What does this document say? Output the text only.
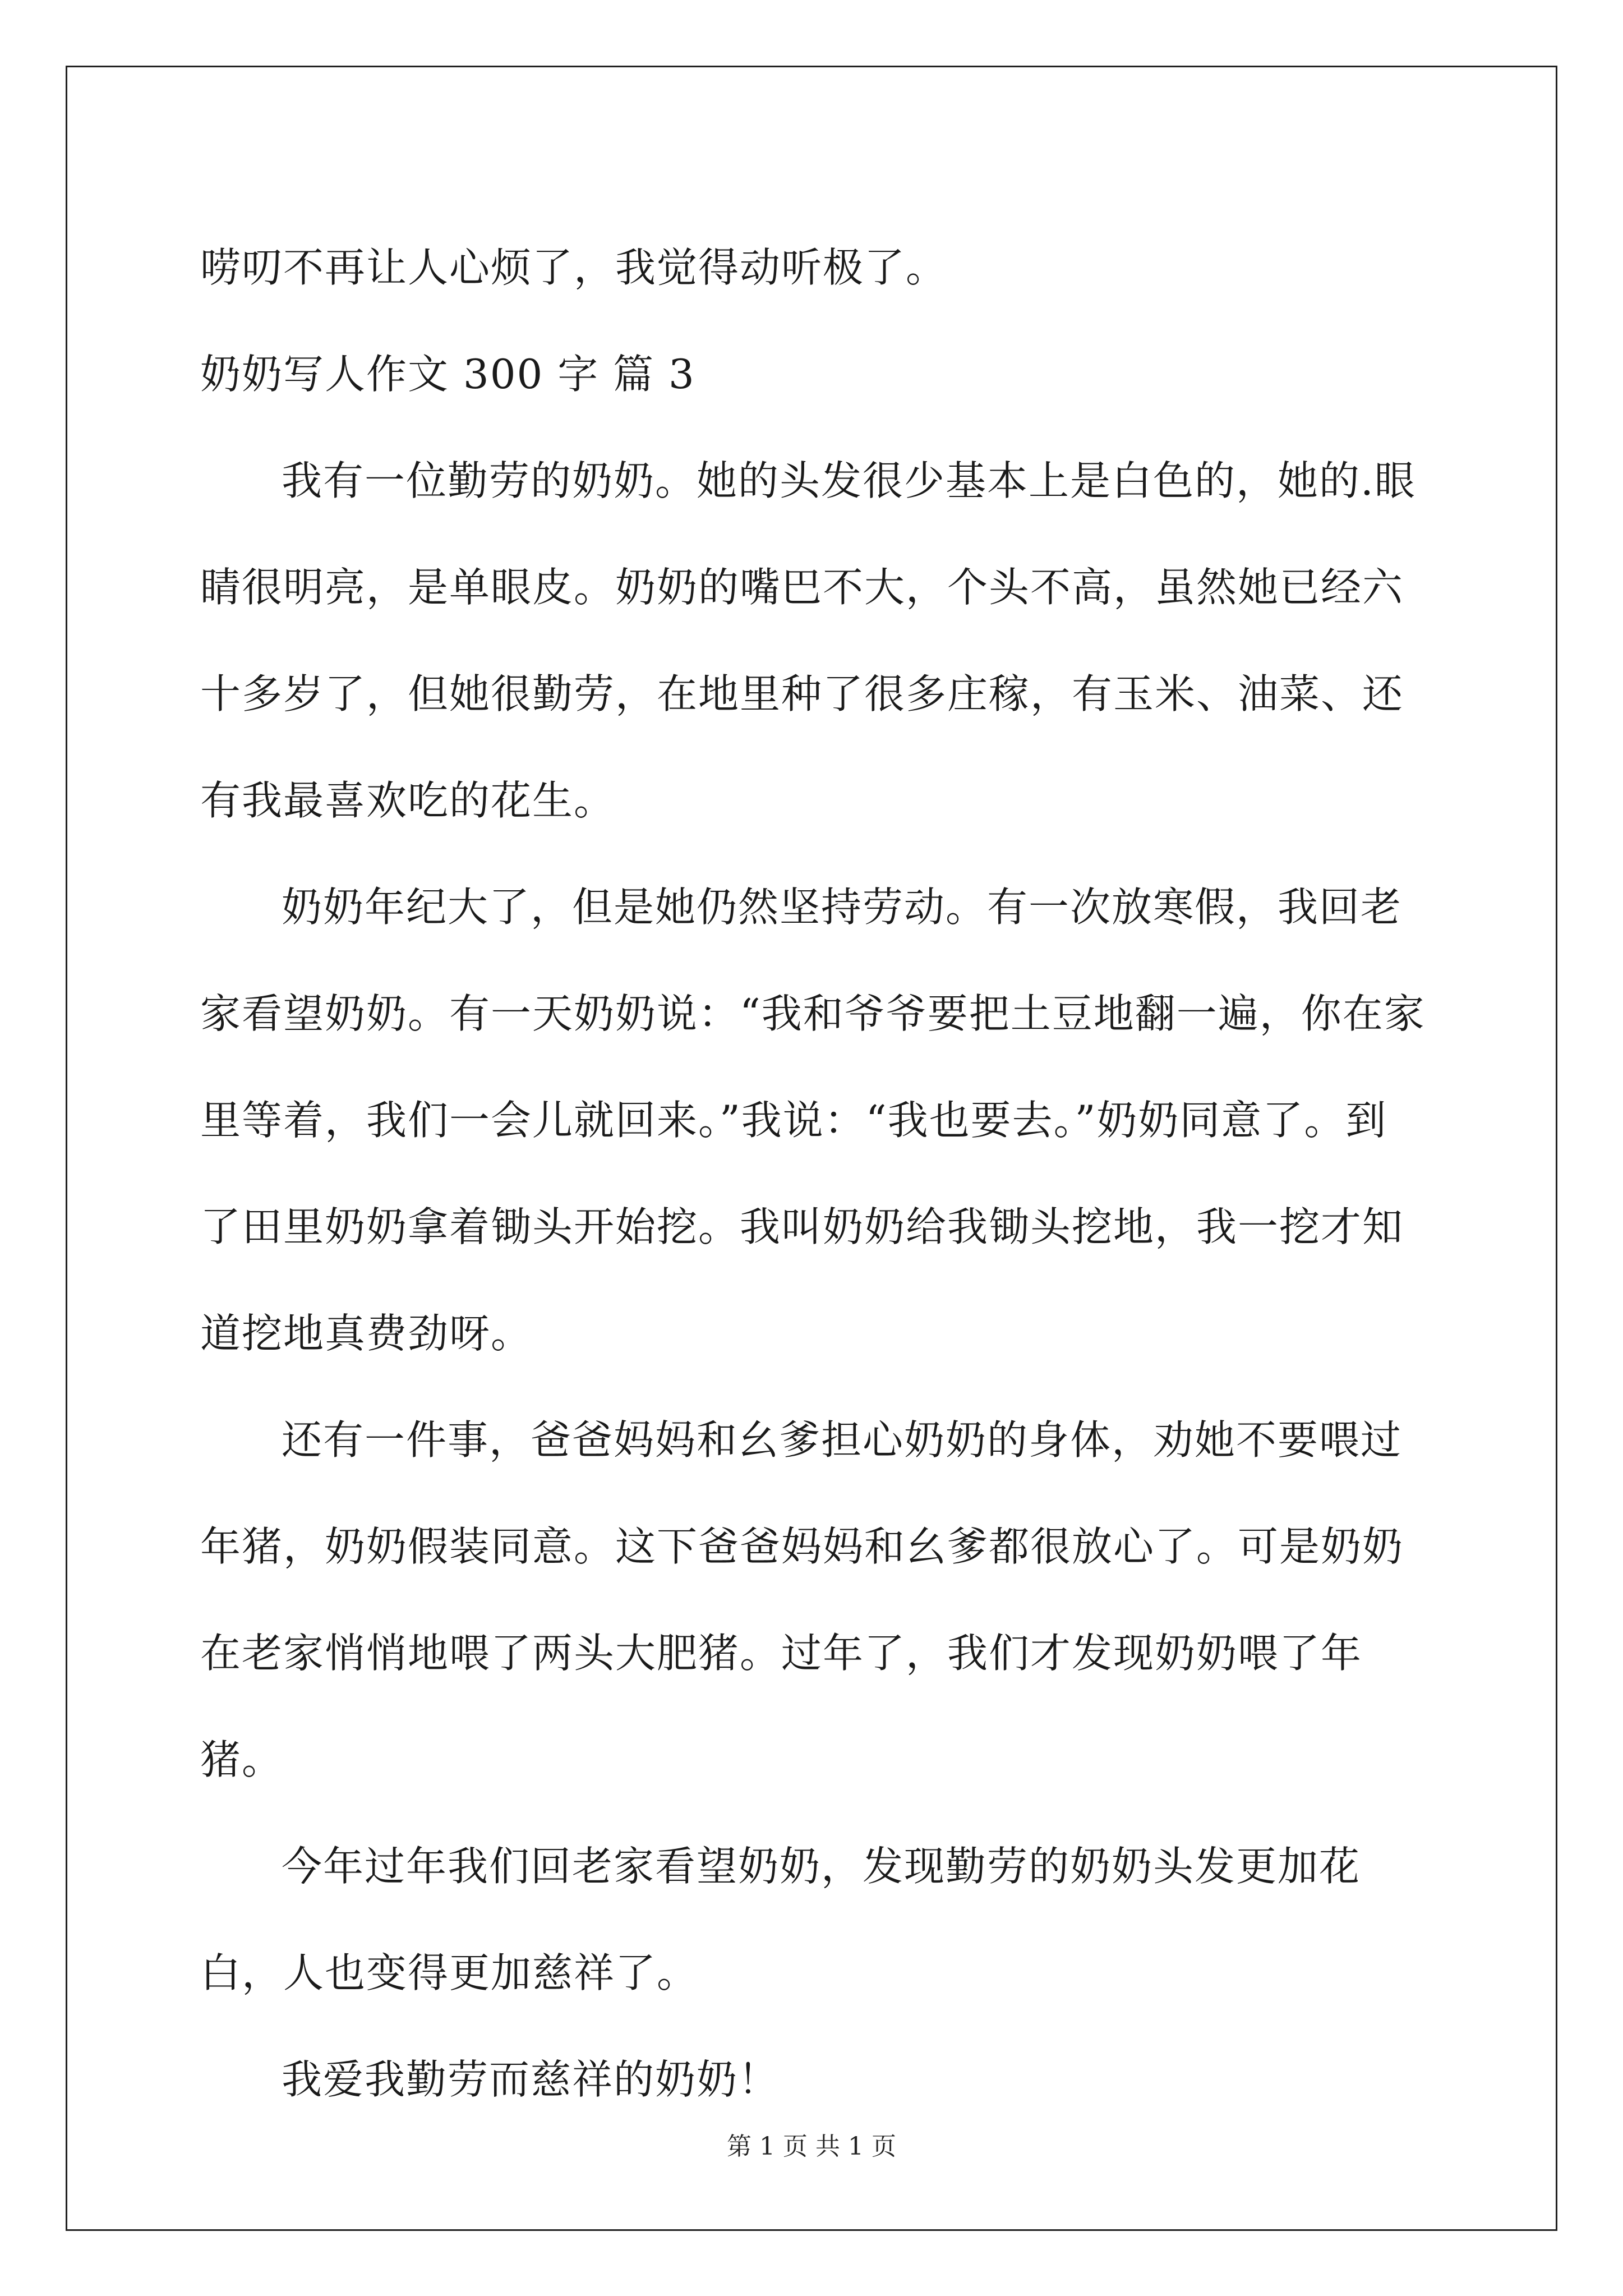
唠叨不再让人心烦了，我觉得动听极了。

奶奶写人作文 300 字 篇 3

我有一位勤劳的奶奶。她的头发很少基本上是白色的，她的.眼睛很明亮，是单眼皮。奶奶的嘴巴不大，个头不高，虽然她已经六十多岁了，但她很勤劳，在地里种了很多庄稼，有玉米、油菜、还有我最喜欢吃的花生。

奶奶年纪大了，但是她仍然坚持劳动。有一次放寒假，我回老家看望奶奶。有一天奶奶说：“我和爷爷要把土豆地翻一遍，你在家里等着，我们一会儿就回来。”我说：“我也要去。”奶奶同意了。到了田里奶奶拿着锄头开始挖。我叫奶奶给我锄头挖地，我一挖才知道挖地真费劲呀。

还有一件事，爸爸妈妈和幺爹担心奶奶的身体，劝她不要喂过年猪，奶奶假装同意。这下爸爸妈妈和幺爹都很放心了。可是奶奶在老家悄悄地喂了两头大肥猪。过年了，我们才发现奶奶喂了年猪。

今年过年我们回老家看望奶奶，发现勤劳的奶奶头发更加花白，人也变得更加慈祥了。

我爱我勤劳而慈祥的奶奶！

第 1 页 共 1 页
